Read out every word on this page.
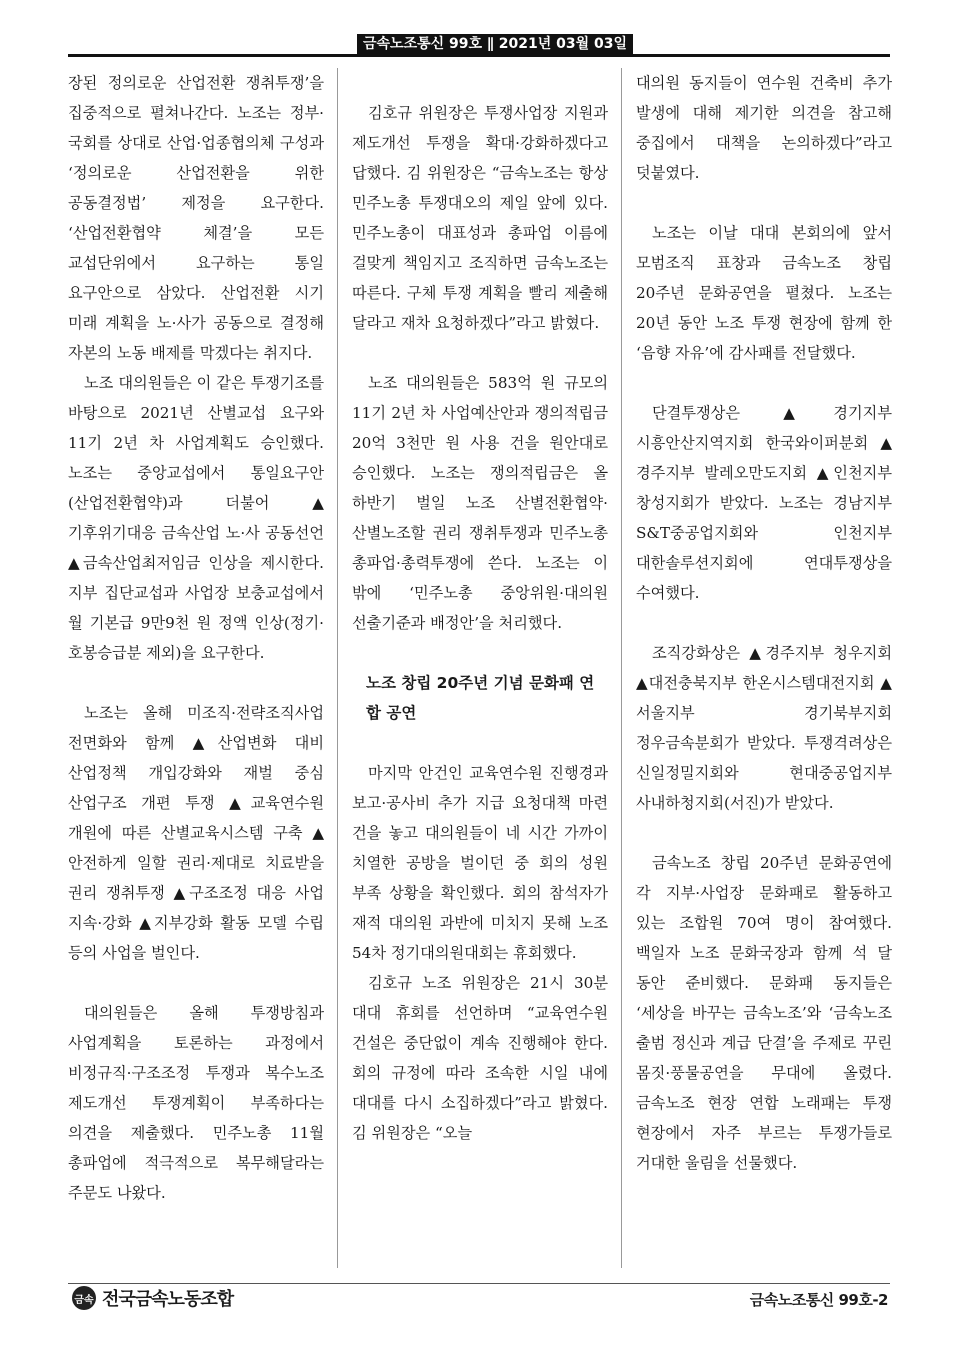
금속노조통신 99호 ∥ 2021년 03월 03일

장된 정의로운 산업전환 쟁취투쟁’을 집중적으로 펼쳐나간다. 노조는 정부·국회를 상대로 산업·업종협의체 구성과 ‘정의로운 산업전환을 위한 공동결정법’ 제정을 요구한다. ‘산업전환협약 체결’을 모든 교섭단위에서 요구하는 통일 요구안으로 삼았다. 산업전환 시기 미래 계획을 노·사가 공동으로 결정해 자본의 노동 배제를 막겠다는 취지다.

노조 대의원들은 이 같은 투쟁기조를 바탕으로 2021년 산별교섭 요구와 11기 2년 차 사업계획도 승인했다. 노조는 중앙교섭에서 통일요구안(산업전환협약)과 더불어 ▲기후위기대응 금속산업 노·사 공동선언 ▲금속산업최저임금 인상을 제시한다. 지부 집단교섭과 사업장 보충교섭에서 월 기본급 9만9천 원 정액 인상(정기·호봉승급분 제외)을 요구한다.

노조는 올해 미조직·전략조직사업 전면화와 함께 ▲산업변화 대비 산업정책 개입강화와 재벌 중심 산업구조 개편 투쟁 ▲교육연수원 개원에 따른 산별교육시스템 구축 ▲안전하게 일할 권리·제대로 치료받을 권리 쟁취투쟁 ▲구조조정 대응 사업 지속·강화 ▲지부강화 활동 모델 수립 등의 사업을 벌인다.

대의원들은 올해 투쟁방침과 사업계획을 토론하는 과정에서 비정규직·구조조정 투쟁과 복수노조 제도개선 투쟁계획이 부족하다는 의견을 제출했다. 민주노총 11월 총파업에 적극적으로 복무해달라는 주문도 나왔다.

김호규 위원장은 투쟁사업장 지원과 제도개선 투쟁을 확대·강화하겠다고 답했다. 김 위원장은 “금속노조는 항상 민주노총 투쟁대오의 제일 앞에 있다. 민주노총이 대표성과 총파업 이름에 걸맞게 책임지고 조직하면 금속노조는 따른다. 구체 투쟁 계획을 빨리 제출해 달라고 재차 요청하겠다”라고 밝혔다.

노조 대의원들은 583억 원 규모의 11기 2년 차 사업예산안과 쟁의적립금 20억 3천만 원 사용 건을 원안대로 승인했다. 노조는 쟁의적립금은 올 하반기 벌일 노조 산별전환협약·산별노조할 권리 쟁취투쟁과 민주노총 총파업·총력투쟁에 쓴다. 노조는 이 밖에 ‘민주노총 중앙위원·대의원 선출기준과 배정안’을 처리했다.

노조 창립 20주년 기념 문화패 연합 공연

마지막 안건인 교육연수원 진행경과 보고·공사비 추가 지급 요청대책 마련 건을 놓고 대의원들이 네 시간 가까이 치열한 공방을 벌이던 중 회의 성원 부족 상황을 확인했다. 회의 참석자가 재적 대의원 과반에 미치지 못해 노조 54차 정기대의원대회는 휴회했다.

김호규 노조 위원장은 21시 30분 대대 휴회를 선언하며 “교육연수원 건설은 중단없이 계속 진행해야 한다. 회의 규정에 따라 조속한 시일 내에 대대를 다시 소집하겠다”라고 밝혔다. 김 위원장은 “오늘

대의원 동지들이 연수원 건축비 추가 발생에 대해 제기한 의견을 참고해 중집에서 대책을 논의하겠다”라고 덧붙였다.

노조는 이날 대대 본회의에 앞서 모범조직 표창과 금속노조 창립 20주년 문화공연을 펼쳤다. 노조는 20년 동안 노조 투쟁 현장에 함께 한 ‘음향 자유’에 감사패를 전달했다.

단결투쟁상은 ▲경기지부 시흥안산지역지회 한국와이퍼분회 ▲경주지부 발레오만도지회 ▲인천지부 창성지회가 받았다. 노조는 경남지부 S&T중공업지회와 인천지부 대한솔루션지회에 연대투쟁상을 수여했다.

조직강화상은 ▲경주지부 청우지회 ▲대전충북지부 한온시스템대전지회 ▲서울지부 경기북부지회 정우금속분회가 받았다. 투쟁격려상은 신일정밀지회와 현대중공업지부 사내하청지회(서진)가 받았다.

금속노조 창립 20주년 문화공연에 각 지부·사업장 문화패로 활동하고 있는 조합원 70여 명이 참여했다. 백일자 노조 문화국장과 함께 석 달 동안 준비했다. 문화패 동지들은 ‘세상을 바꾸는 금속노조’와 ‘금속노조 출범 정신과 계급 단결’을 주제로 꾸린 몸짓·풍물공연을 무대에 올렸다. 금속노조 현장 연합 노래패는 투쟁 현장에서 자주 부르는 투쟁가들로 거대한 울림을 선물했다.

금속 전국금속노동조합	금속노조통신 99호-2
